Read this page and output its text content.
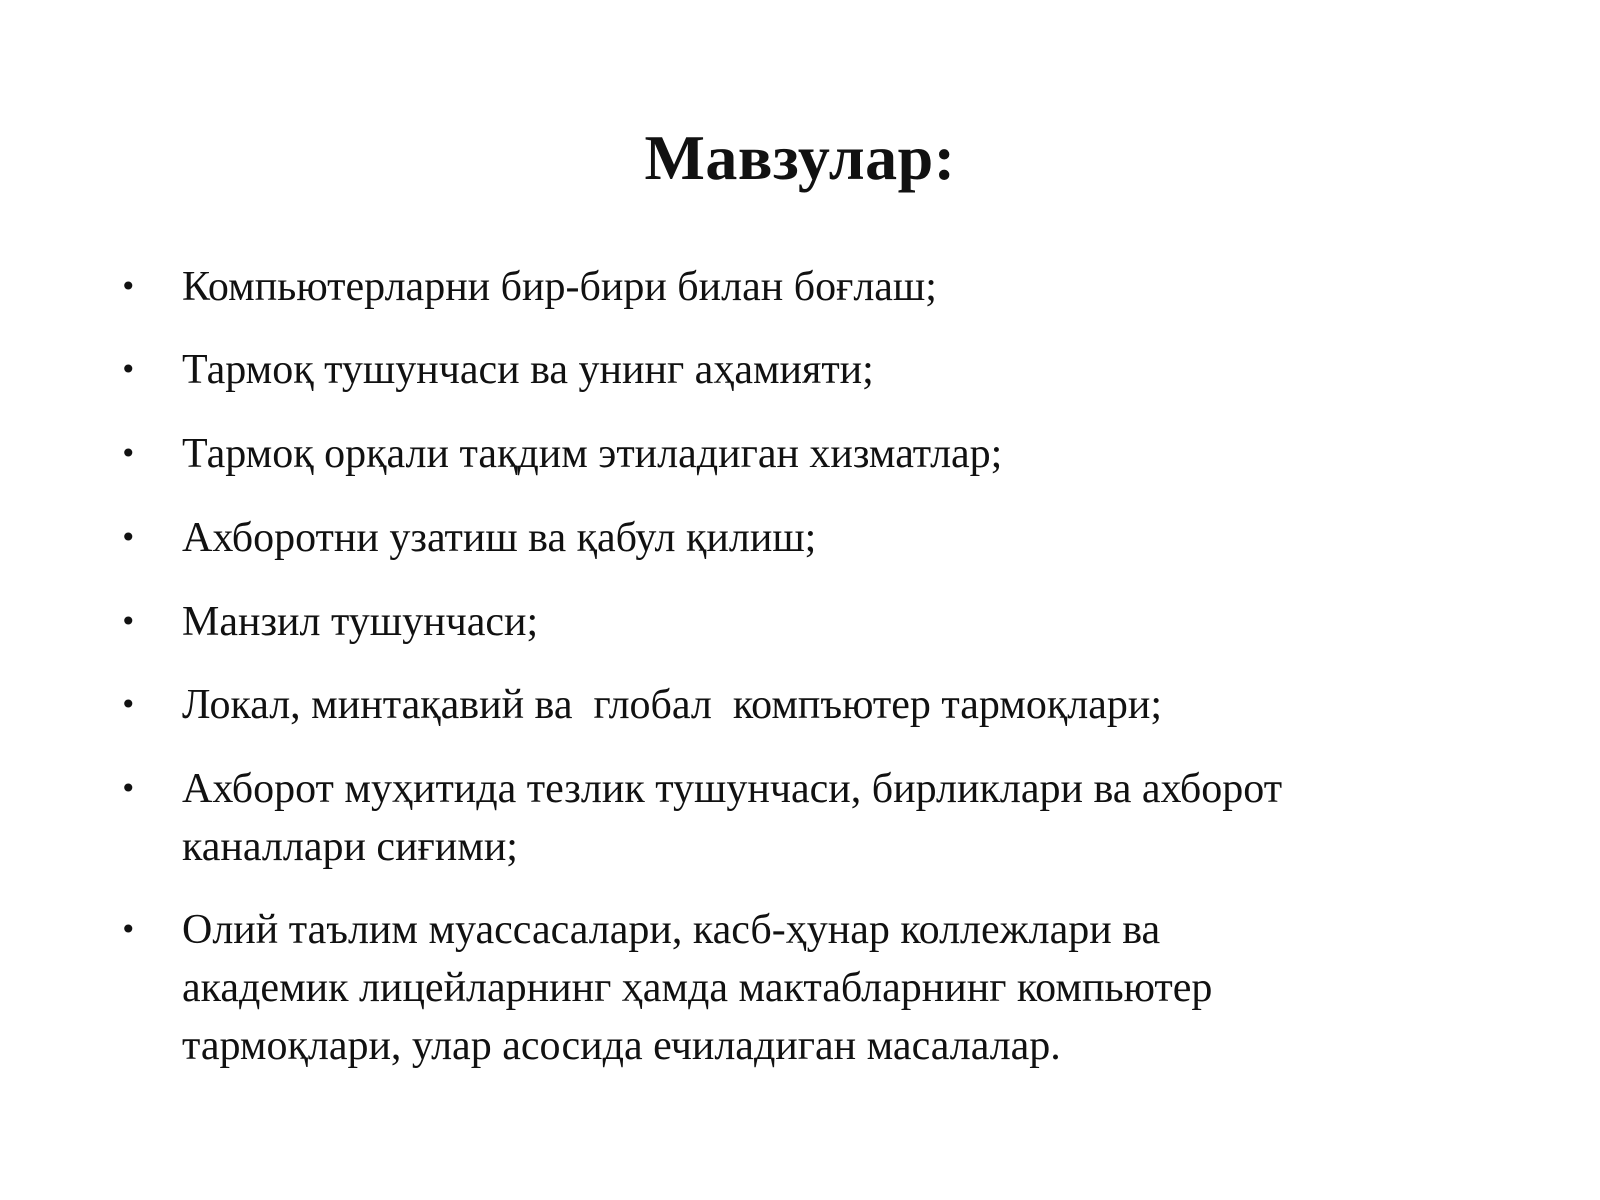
Мавзулар:
• Компьютерларни бир-бири билан боғлаш;
• Тармоқ тушунчаси ва унинг аҳамияти;
• Тармоқ орқали тақдим этиладиган хизматлар;
• Ахборотни узатиш ва қабул қилиш;
• Манзил тушунчаси;
• Локал, минтақавий ва  глобал  компъютер тармоқлари;
• Ахборот муҳитида тезлик тушунчаси, бирликлари ва ахборот
каналлари сиғими;
• Олий таълим муассасалари, касб-ҳунар коллежлари ва
академик лицейларнинг ҳамда мактабларнинг компьютер
тармоқлари, улар асосида ечиладиган масалалар.
